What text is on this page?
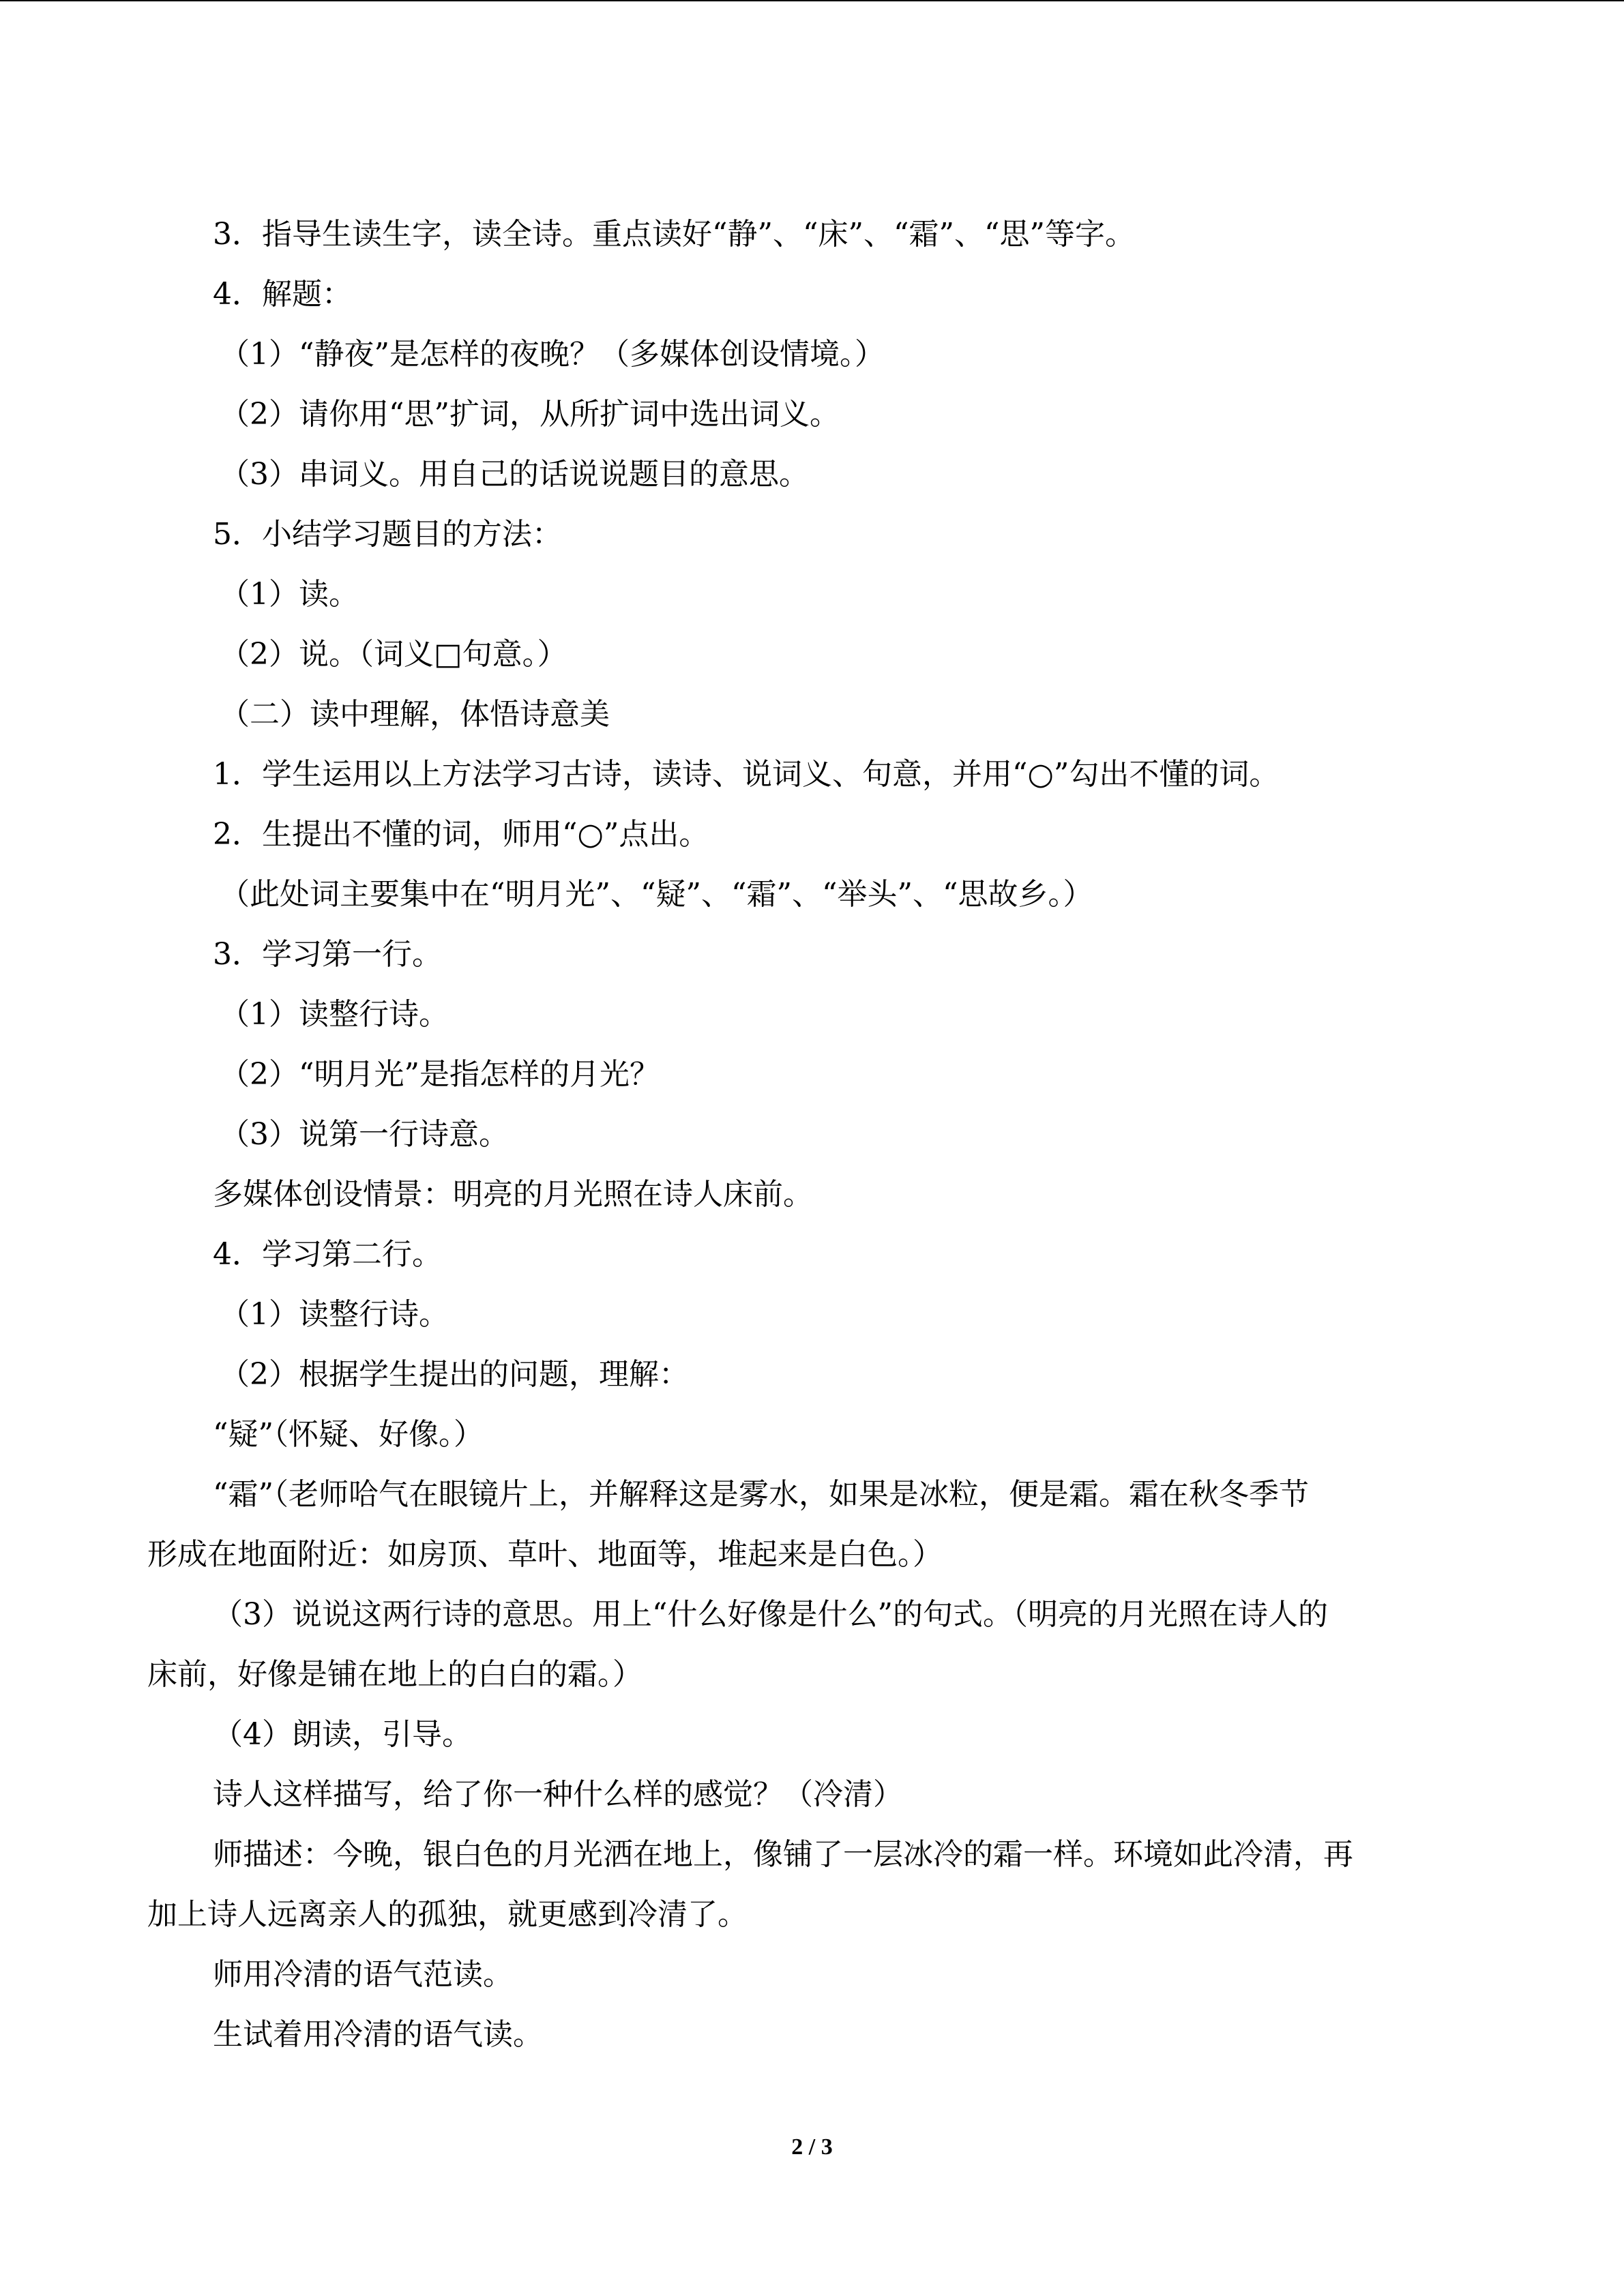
3．指导生读生字，读全诗。重点读好“静”、“床”、“霜”、“思”等字。
4．解题：
（1）“静夜”是怎样的夜晚？（多媒体创设情境。）
（2）请你用“思”扩词，从所扩词中选出词义。
（3）串词义。用自己的话说说题目的意思。
5．小结学习题目的方法：
（1）读。
（2）说。（词义□句意。）
（二）读中理解，体悟诗意美
1．学生运用以上方法学习古诗，读诗、说词义、句意，并用“○”勾出不懂的词。
2．生提出不懂的词，师用“○”点出。
（此处词主要集中在“明月光”、“疑”、“霜”、“举头”、“思故乡。）
3．学习第一行。
（1）读整行诗。
（2）“明月光”是指怎样的月光？
（3）说第一行诗意。
多媒体创设情景：明亮的月光照在诗人床前。
4．学习第二行。
（1）读整行诗。
（2）根据学生提出的问题，理解：
“疑”（怀疑、好像。）
“霜”（老师哈气在眼镜片上，并解释这是雾水，如果是冰粒，便是霜。霜在秋冬季节
形成在地面附近：如房顶、草叶、地面等，堆起来是白色。）
（3）说说这两行诗的意思。用上“什么好像是什么”的句式。（明亮的月光照在诗人的
床前，好像是铺在地上的白白的霜。）
（4）朗读，引导。
诗人这样描写，给了你一种什么样的感觉？（冷清）
师描述：今晚，银白色的月光洒在地上，像铺了一层冰冷的霜一样。环境如此冷清，再
加上诗人远离亲人的孤独，就更感到冷清了。
师用冷清的语气范读。
生试着用冷清的语气读。
2 / 3
